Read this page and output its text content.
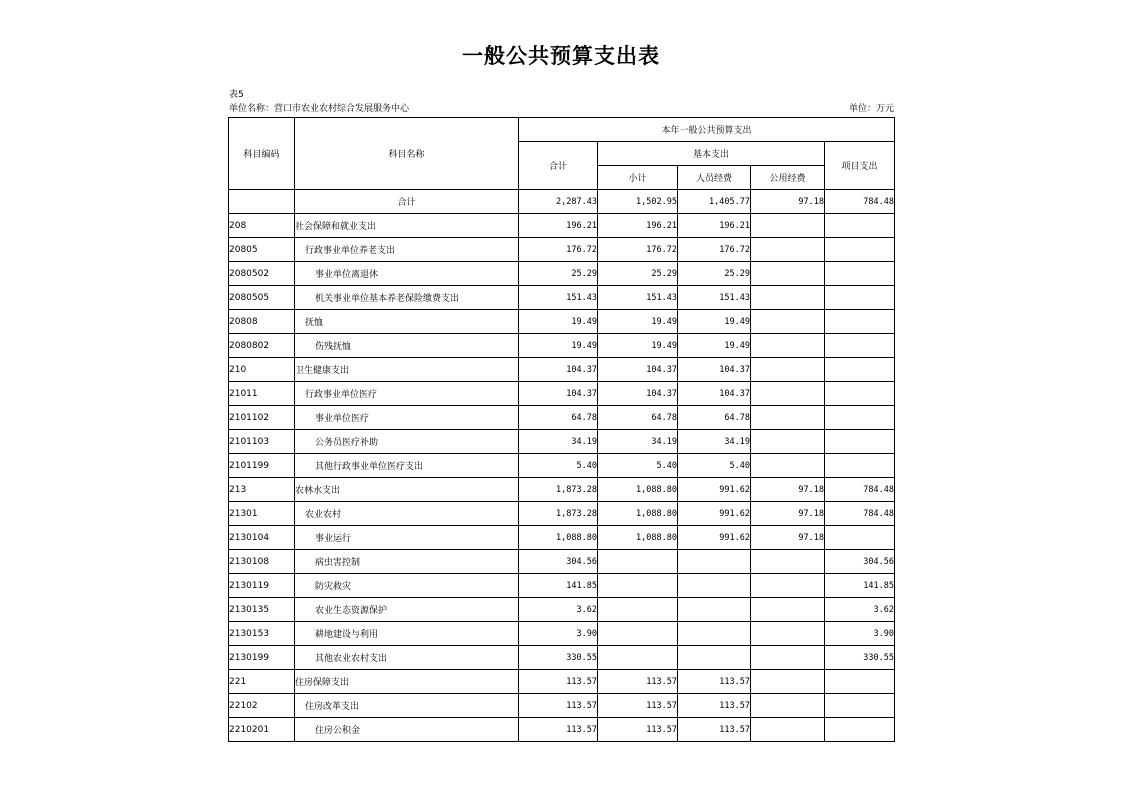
一般公共预算支出表
表5
单位名称：营口市农业农村综合发展服务中心	单位：万元
科目编码	科目名称	本年一般公共预算支出				
		合计	基本支出			项目支出
			小计	人员经费	公用经费	
	合计	2,287.43	1,502.95	1,405.77	97.18	784.48
208	社会保障和就业支出	196.21	196.21	196.21		
20805	行政事业单位养老支出	176.72	176.72	176.72		
2080502	事业单位离退休	25.29	25.29	25.29		
2080505	机关事业单位基本养老保险缴费支出	151.43	151.43	151.43		
20808	抚恤	19.49	19.49	19.49		
2080802	伤残抚恤	19.49	19.49	19.49		
210	卫生健康支出	104.37	104.37	104.37		
21011	行政事业单位医疗	104.37	104.37	104.37		
2101102	事业单位医疗	64.78	64.78	64.78		
2101103	公务员医疗补助	34.19	34.19	34.19		
2101199	其他行政事业单位医疗支出	5.40	5.40	5.40		
213	农林水支出	1,873.28	1,088.80	991.62	97.18	784.48
21301	农业农村	1,873.28	1,088.80	991.62	97.18	784.48
2130104	事业运行	1,088.80	1,088.80	991.62	97.18	
2130108	病虫害控制	304.56				304.56
2130119	防灾救灾	141.85				141.85
2130135	农业生态资源保护	3.62				3.62
2130153	耕地建设与利用	3.90				3.90
2130199	其他农业农村支出	330.55				330.55
221	住房保障支出	113.57	113.57	113.57		
22102	住房改革支出	113.57	113.57	113.57		
2210201	住房公积金	113.57	113.57	113.57		
